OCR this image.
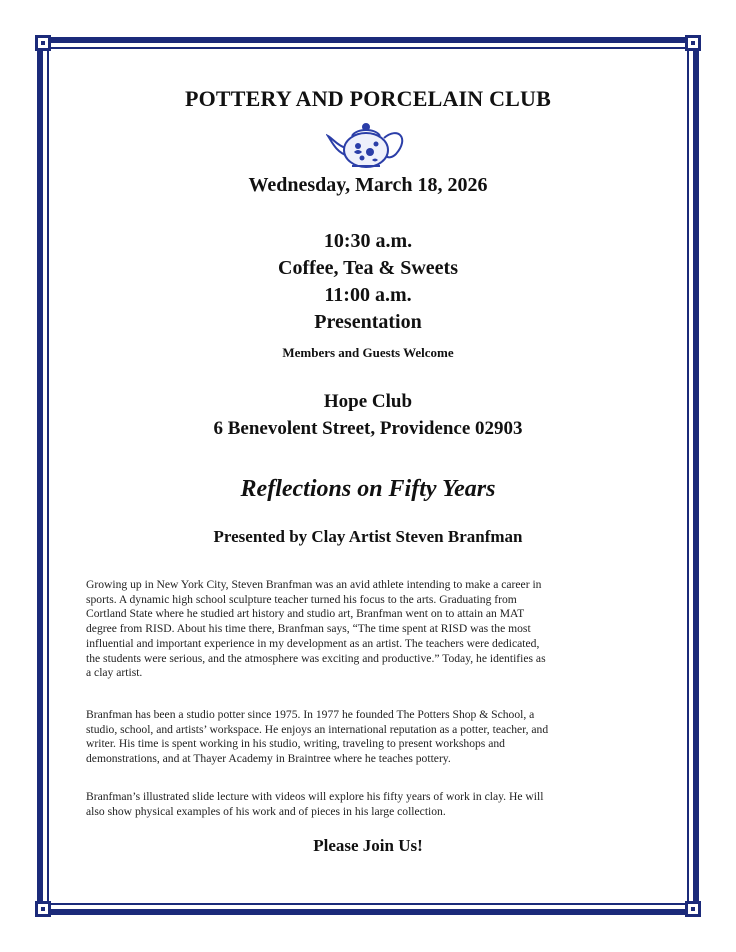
POTTERY AND PORCELAIN CLUB
Wednesday, March 18, 2026
10:30 a.m.
Coffee, Tea & Sweets
11:00 a.m.
Presentation
Members and Guests Welcome
Hope Club
6 Benevolent Street, Providence 02903
Reflections on Fifty Years
Presented by Clay Artist Steven Branfman
Growing up in New York City, Steven Branfman was an avid athlete intending to make a career in
sports. A dynamic high school sculpture teacher turned his focus to the arts. Graduating from
Cortland State where he studied art history and studio art, Branfman went on to attain an MAT
degree from RISD. About his time there, Branfman says, “The time spent at RISD was the most
influential and important experience in my development as an artist. The teachers were dedicated,
the students were serious, and the atmosphere was exciting and productive.” Today, he identifies as
a clay artist.
Branfman has been a studio potter since 1975. In 1977 he founded The Potters Shop & School, a
studio, school, and artists’ workspace. He enjoys an international reputation as a potter, teacher, and
writer. His time is spent working in his studio, writing, traveling to present workshops and
demonstrations, and at Thayer Academy in Braintree where he teaches pottery.
Branfman’s illustrated slide lecture with videos will explore his fifty years of work in clay. He will
also show physical examples of his work and of pieces in his large collection.
Please Join Us!
